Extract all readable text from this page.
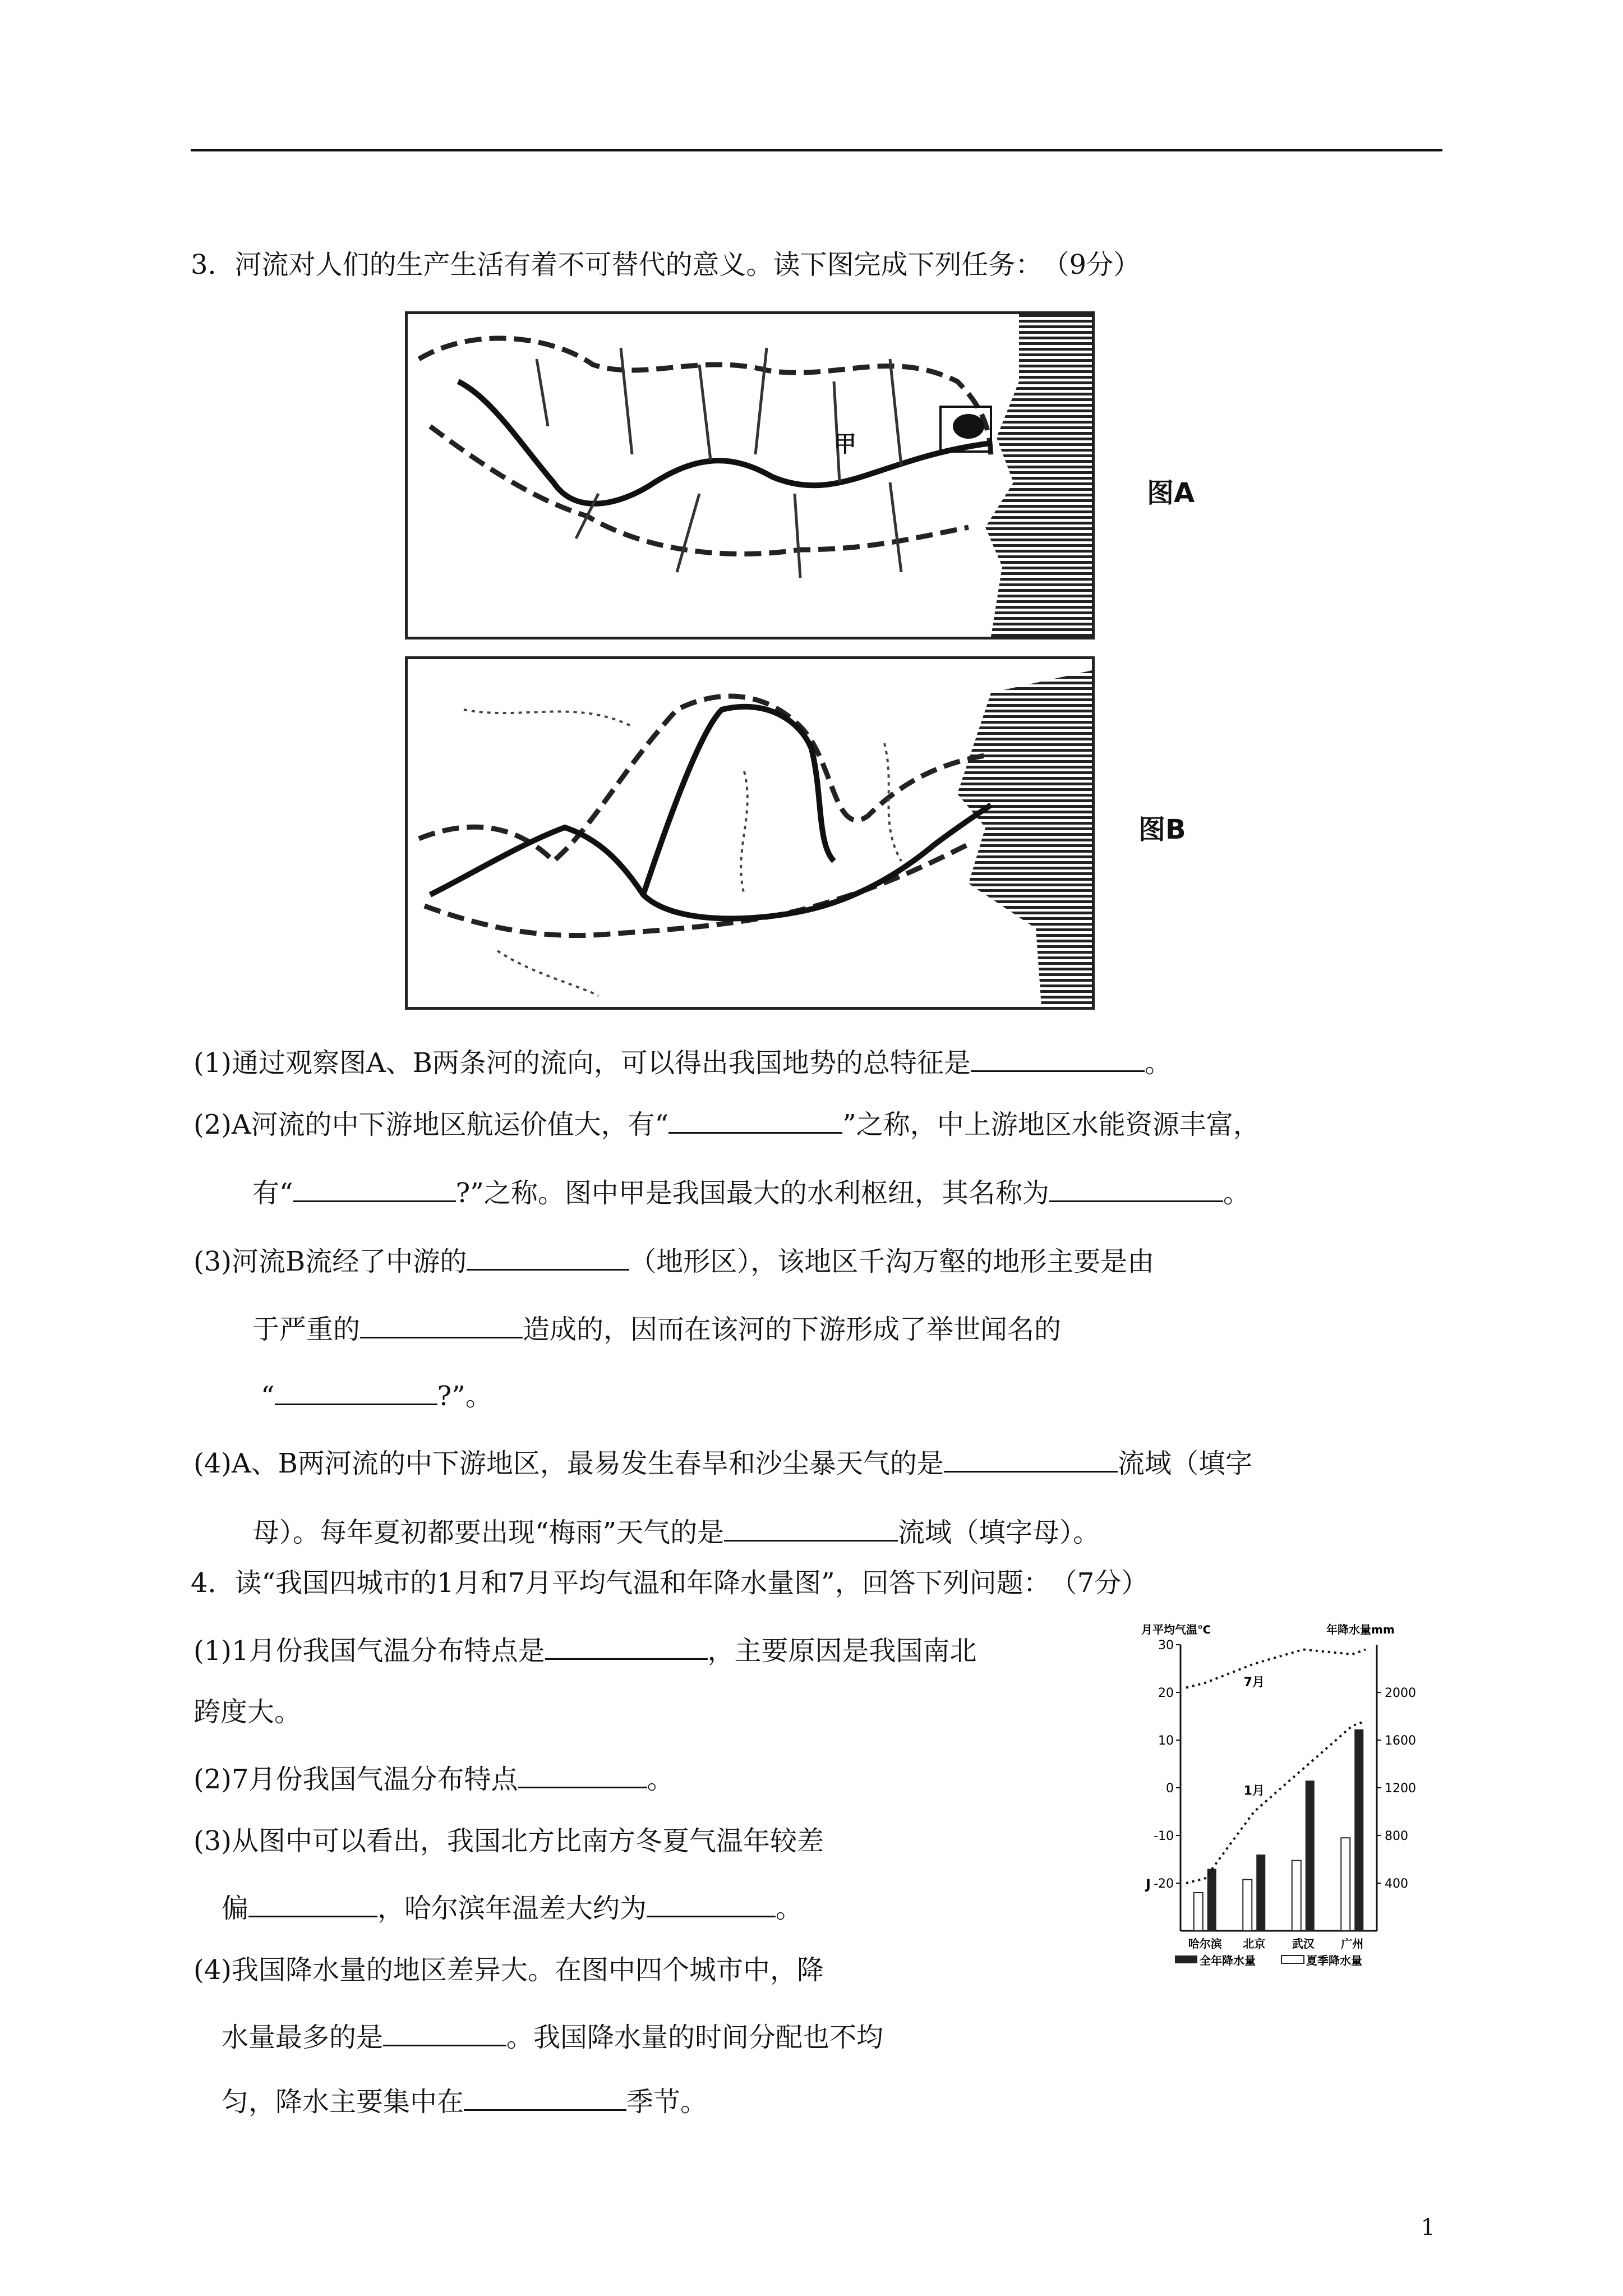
3．河流对人们的生产生活有着不可替代的意义。读下图完成下列任务：　（9分）
甲
图A
图B
(1)通过观察图A、B两条河的流向，可以得出我国地势的总特征是	。
(2)A河流的中下游地区航运价值大，有“	”之称，中上游地区水能资源丰富，
有“	?”之称。图中甲是我国最大的水利枢纽，其名称为	。
(3)河流B流经了中游的	（地形区），该地区千沟万壑的地形主要是由
于严重的	造成的，因而在该河的下游形成了举世闻名的
“	?”。
(4)A、B两河流的中下游地区，最易发生春旱和沙尘暴天气的是	流域（填字
母）。每年夏初都要出现“梅雨”天气的是	流域（填字母）。
4．读“我国四城市的1月和7月平均气温和年降水量图”，回答下列问题：　（7分）
(1)1月份我国气温分布特点是	，主要原因是我国南北
跨度大。
(2)7月份我国气温分布特点	。
(3)从图中可以看出，我国北方比南方冬夏气温年较差
偏	，哈尔滨年温差大约为	。
(4)我国降水量的地区差异大。在图中四个城市中，降
水量最多的是	。我国降水量的时间分配也不均
匀，降水主要集中在	季节。
月平均气温℃	年降水量mm
30
20
10
0
-10
-20
2000
1600
1200
800
400
哈尔滨 北京 武汉 广州
7月
1月
J
全年降水量	夏季降水量
1
